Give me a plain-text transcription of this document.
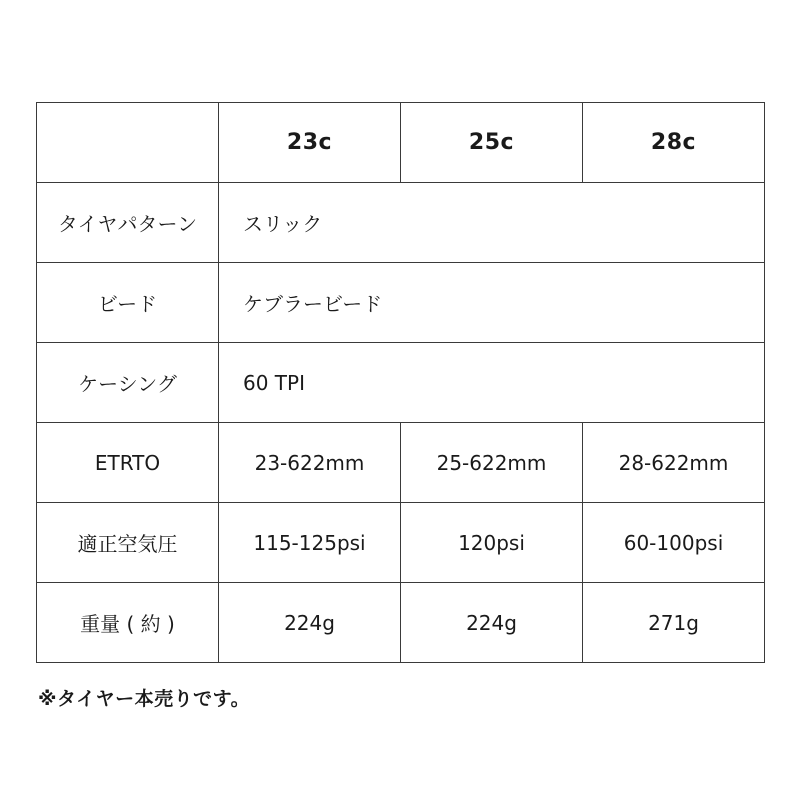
	23c	25c	28c
タイヤパターン	スリック		
ビード	ケブラービード		
ケーシング	60 TPI		
ETRTO	23-622mm	25-622mm	28-622mm
適正空気圧	115-125psi	120psi	60-100psi
重量 ( 約 )	224g	224g	271g
※タイヤー本売りです。
